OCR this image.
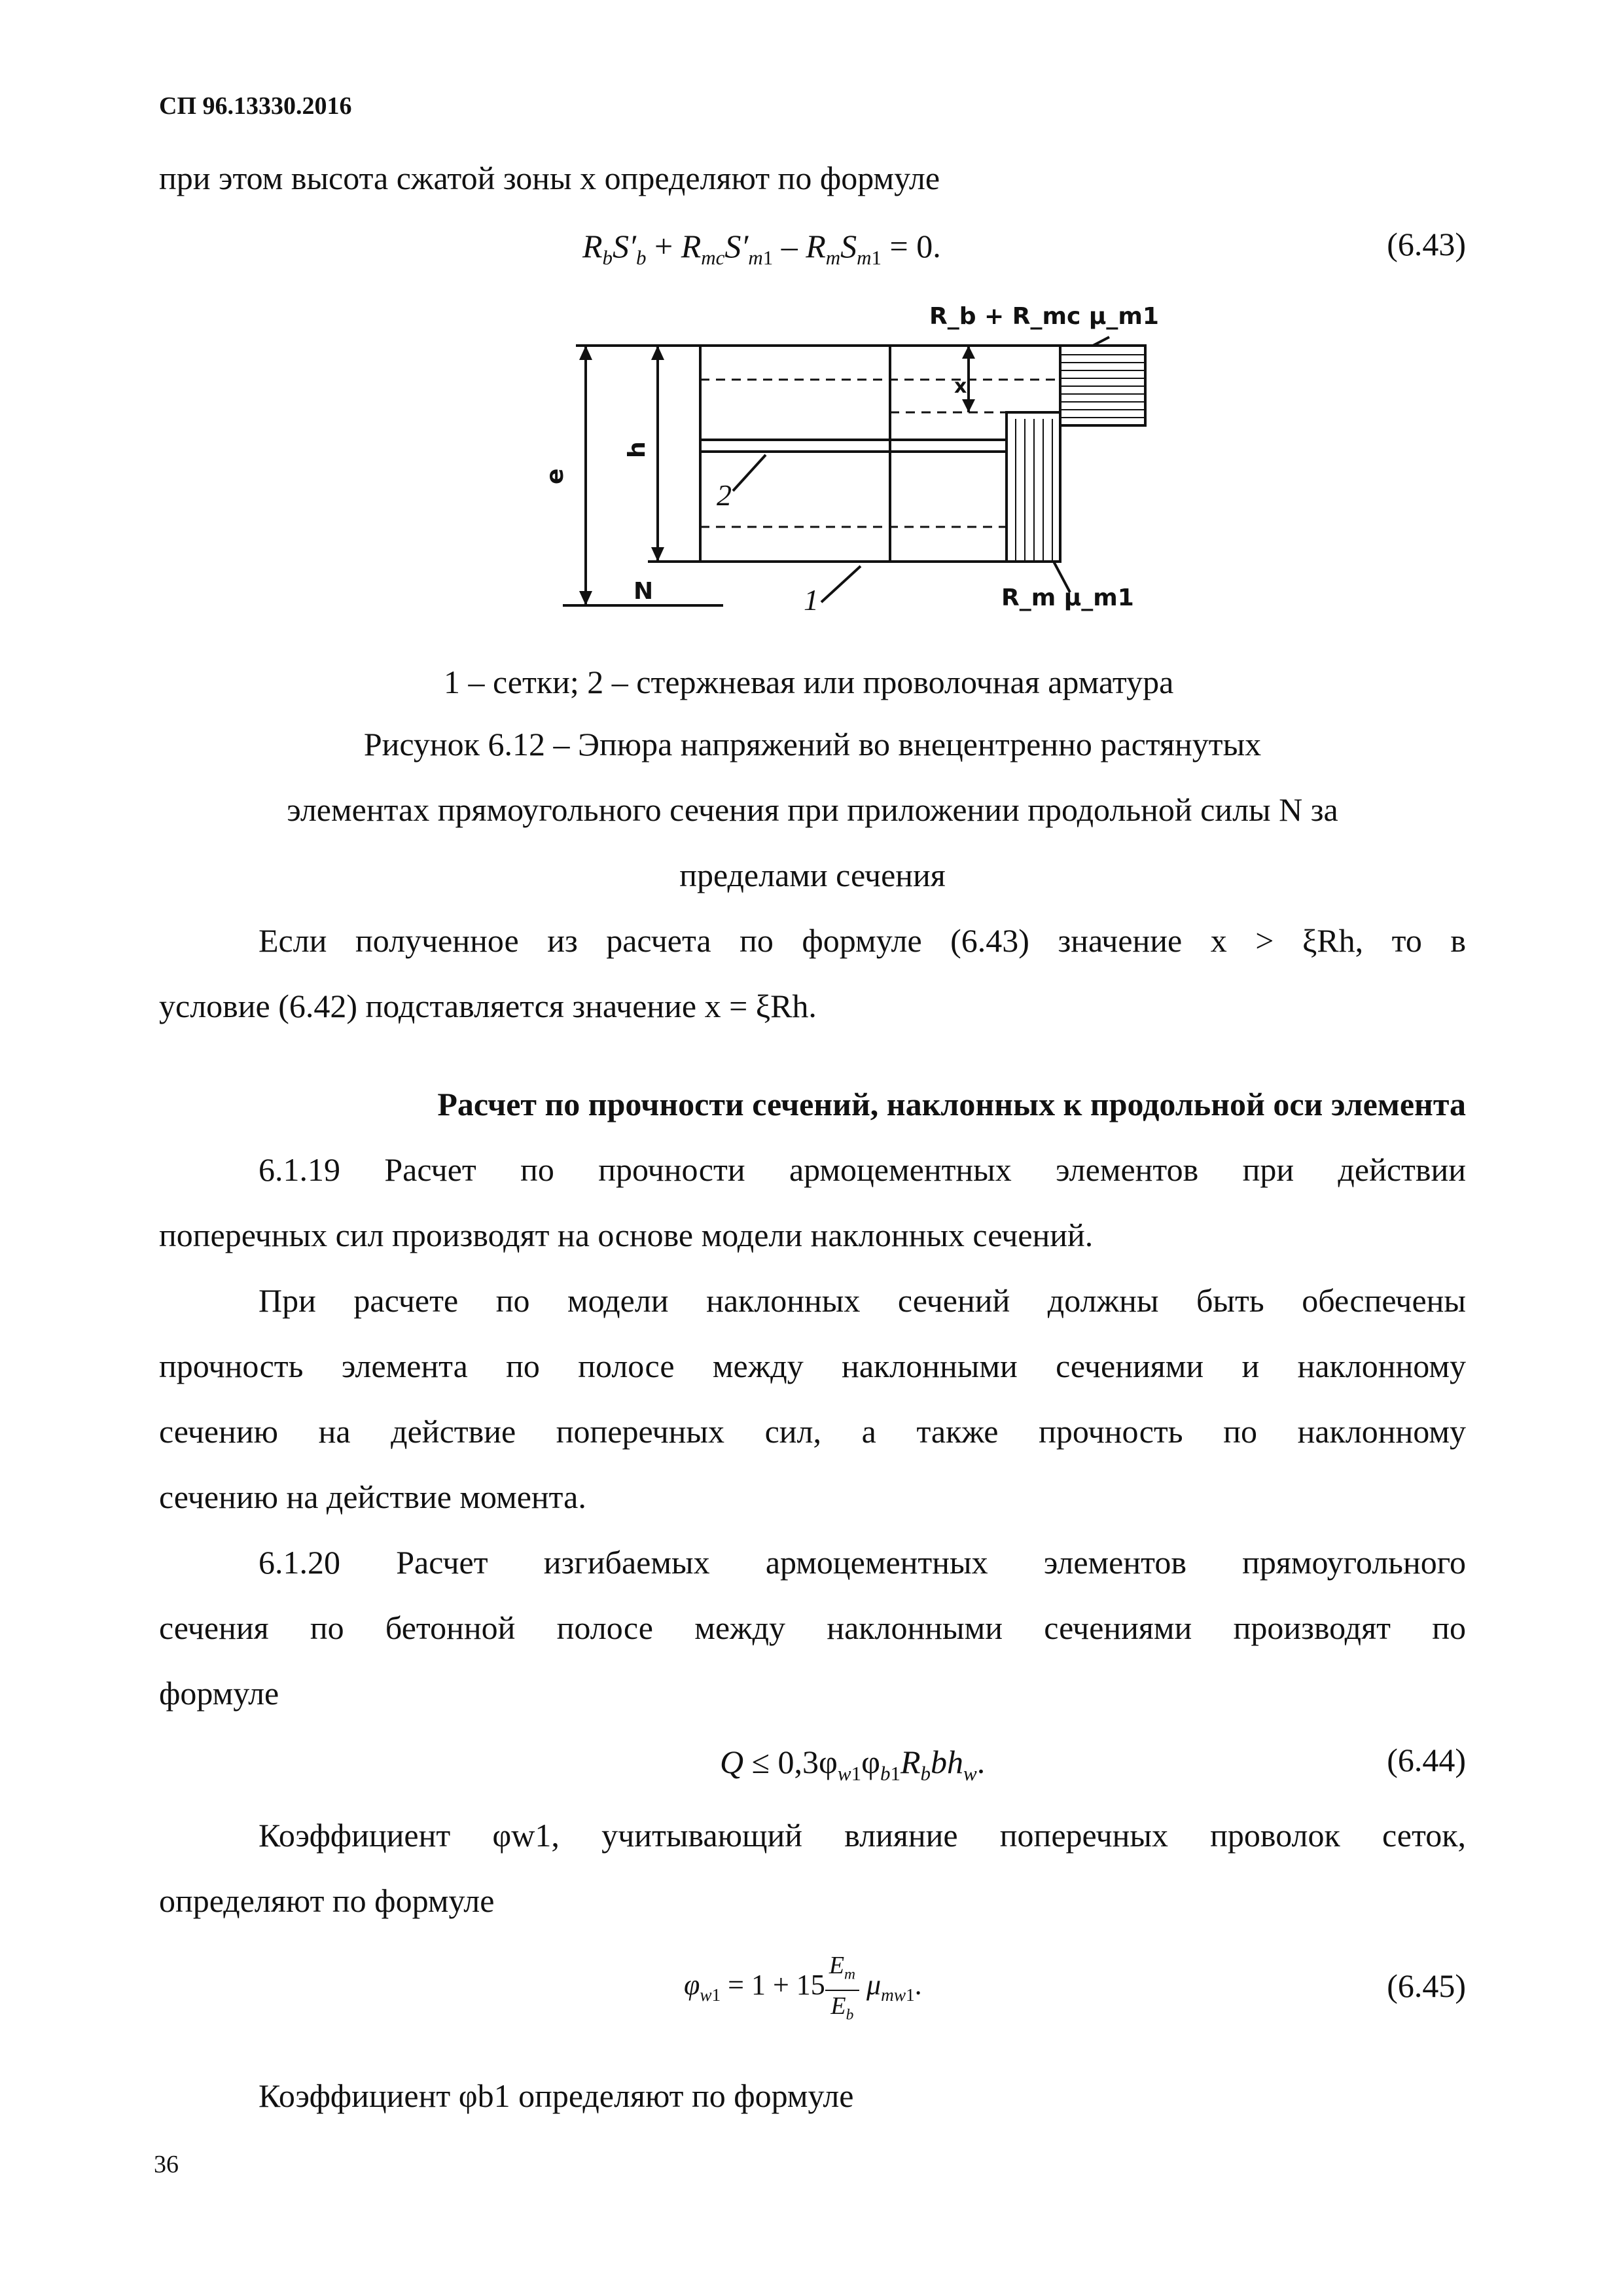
СП 96.13330.2016
при этом высота сжатой зоны x определяют по формуле
$R_bS'_b + R_{mc}S'_{m1} - R_mS_{m1} = 0$.	(6.43)
R_b + R_mc μ_m1
R_m μ_m1
e
h
N
x
1
2
1 – сетки; 2 – стержневая или проволочная арматура
Рисунок 6.12 – Эпюра напряжений во внецентренно растянутых
элементах прямоугольного сечения при приложении продольной силы N за
пределами сечения
Если полученное из расчета по формуле (6.43) значение x > ξRh, то в
условие (6.42) подставляется значение x = ξRh.
Расчет по прочности сечений, наклонных к продольной оси элемента
6.1.19 Расчет по прочности армоцементных элементов при действии
поперечных сил производят на основе модели наклонных сечений.
При расчете по модели наклонных сечений должны быть обеспечены
прочность элемента по полосе между наклонными сечениями и наклонному
сечению на действие поперечных сил, а также прочность по наклонному
сечению на действие момента.
6.1.20 Расчет изгибаемых армоцементных элементов прямоугольного
сечения по бетонной полосе между наклонными сечениями производят по
формуле
$Q \le 0,3\varphi_{w1}\varphi_{b1}R_bbh_w$.	(6.44)
Коэффициент φw1, учитывающий влияние поперечных проволок сеток,
определяют по формуле
$\varphi_{w1} = 1 + 15 \frac{E_m}{E_b} \mu_{mw1}$.	(6.45)
Коэффициент φb1 определяют по формуле
36
